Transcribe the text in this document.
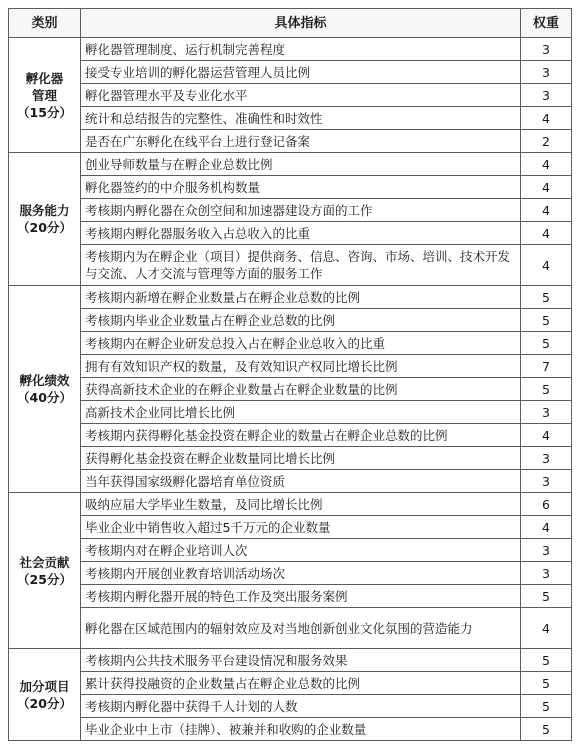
类别	具体指标	权重

孵化器
管理
（15分）	孵化器管理制度、运行机制完善程度	3
	接受专业培训的孵化器运营管理人员比例	3
	孵化器管理水平及专业化水平	3
	统计和总结报告的完整性、准确性和时效性	4
	是否在广东孵化在线平台上进行登记备案	2

服务能力
（20分）	创业导师数量与在孵企业总数比例	4
	孵化器签约的中介服务机构数量	4
	考核期内孵化器在众创空间和加速器建设方面的工作	4
	考核期内孵化器服务收入占总收入的比重	4
	考核期内为在孵企业（项目）提供商务、信息、咨询、市场、培训、技术开发与交流、人才交流与管理等方面的服务工作	4

孵化绩效
（40分）	考核期内新增在孵企业数量占在孵企业总数的比例	5
	考核期内毕业企业数量占在孵企业总数的比例	5
	考核期内在孵企业研发总投入占在孵企业总收入的比重	5
	拥有有效知识产权的数量，及有效知识产权同比增长比例	7
	获得高新技术企业的在孵企业数量占在孵企业数量的比例	5
	高新技术企业同比增长比例	3
	考核期内获得孵化基金投资在孵企业的数量占在孵企业总数的比例	4
	获得孵化基金投资在孵企业数量同比增长比例	3
	当年获得国家级孵化器培育单位资质	3

社会贡献
（25分）	吸纳应届大学毕业生数量，及同比增长比例	6
	毕业企业中销售收入超过5千万元的企业数量	4
	考核期内对在孵企业培训人次	3
	考核期内开展创业教育培训活动场次	3
	考核期内孵化器开展的特色工作及突出服务案例	5
	孵化器在区域范围内的辐射效应及对当地创新创业文化氛围的营造能力	4

加分项目
（20分）	考核期内公共技术服务平台建设情况和服务效果	5
	累计获得投融资的企业数量占在孵企业总数的比例	5
	考核期内孵化器中获得千人计划的人数	5
	毕业企业中上市（挂牌）、被兼并和收购的企业数量	5
